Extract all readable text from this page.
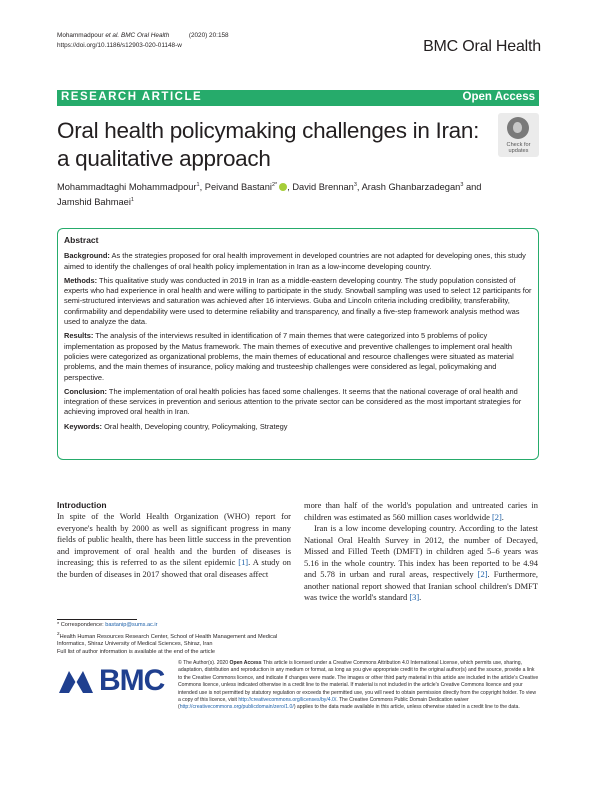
Mohammadpour et al. BMC Oral Health	(2020) 20:158
https://doi.org/10.1186/s12903-020-01148-w	BMC Oral Health
RESEARCH ARTICLE	Open Access
Oral health policymaking challenges in Iran:
a qualitative approach
Check for
updates
Mohammadtaghi Mohammadpour$^1$, Peivand Bastani$^{2*}$ , David Brennan$^3$, Arash Ghanbarzadegan$^3$ and
Jamshid Bahmaei$^1$
Abstract

Background: As the strategies proposed for oral health improvement in developed countries are not adapted for developing ones, this study aimed to identify the challenges of oral health policy implementation in Iran as a low-income developing country.

Methods: This qualitative study was conducted in 2019 in Iran as a middle-eastern developing country. The study population consisted of experts who had experience in oral health and were willing to participate in the study. Snowball sampling was used to select 12 participants for semi-structured interviews and saturation was achieved after 16 interviews. Guba and Lincoln criteria including credibility, transferability, confirmability and dependability were used to determine reliability and transparency, and finally a five-step framework analysis method was used to analyze the data.

Results: The analysis of the interviews resulted in identification of 7 main themes that were categorized into 5 problems of policy implementation as proposed by the Matus framework. The main themes of executive and preventive challenges to implement oral health policies were categorized as organizational problems, the main themes of educational and resource challenges were situated as material problems, and the main themes of insurance, policy making and trusteeship challenges were considered as legal, policymaking and perspective.

Conclusion: The implementation of oral health policies has faced some challenges. It seems that the national coverage of oral health and integration of these services in prevention and serious attention to the private sector can be considered as the most important strategies for achieving improved oral health in Iran.

Keywords: Oral health, Developing country, Policymaking, Strategy

Introduction

In spite of the World Health Organization (WHO) report for everyone's health by 2000 as well as significant progress in many fields of public health, there has been little success in the prevention and improvement of oral health and the burden of diseases is increasing; this is referred to as the silent epidemic [1]. A study on the burden of diseases in 2017 showed that oral diseases affect

more than half of the world's population and untreated caries in children was estimated as 560 million cases worldwide [2].

Iran is a low income developing country. According to the latest National Oral Health Survey in 2012, the number of Decayed, Missed and Filled Teeth (DMFT) in children aged 5–6 years was 5.16 in the whole country. This index has been reported to be 4.94 and 5.78 in urban and rural areas, respectively [2]. Furthermore, another national report showed that Iranian school children's DMFT was twice the world's standard [3].

* Correspondence: bastanip@sums.ac.ir
$^2$Health Human Resources Research Center, School of Health Management and Medical Informatics, Shiraz University of Medical Sciences, Shiraz, Iran
Full list of author information is available at the end of the article
BMC
© The Author(s). 2020 Open Access This article is licensed under a Creative Commons Attribution 4.0 International License, which permits use, sharing, adaptation, distribution and reproduction in any medium or format, as long as you give appropriate credit to the original author(s) and the source, provide a link to the Creative Commons licence, and indicate if changes were made. The images or other third party material in this article are included in the article's Creative Commons licence, unless indicated otherwise in a credit line to the material. If material is not included in the article's Creative Commons licence and your intended use is not permitted by statutory regulation or exceeds the permitted use, you will need to obtain permission directly from the copyright holder. To view a copy of this licence, visit http://creativecommons.org/licenses/by/4.0/. The Creative Commons Public Domain Dedication waiver (http://creativecommons.org/publicdomain/zero/1.0/) applies to the data made available in this article, unless otherwise stated in a credit line to the data.
